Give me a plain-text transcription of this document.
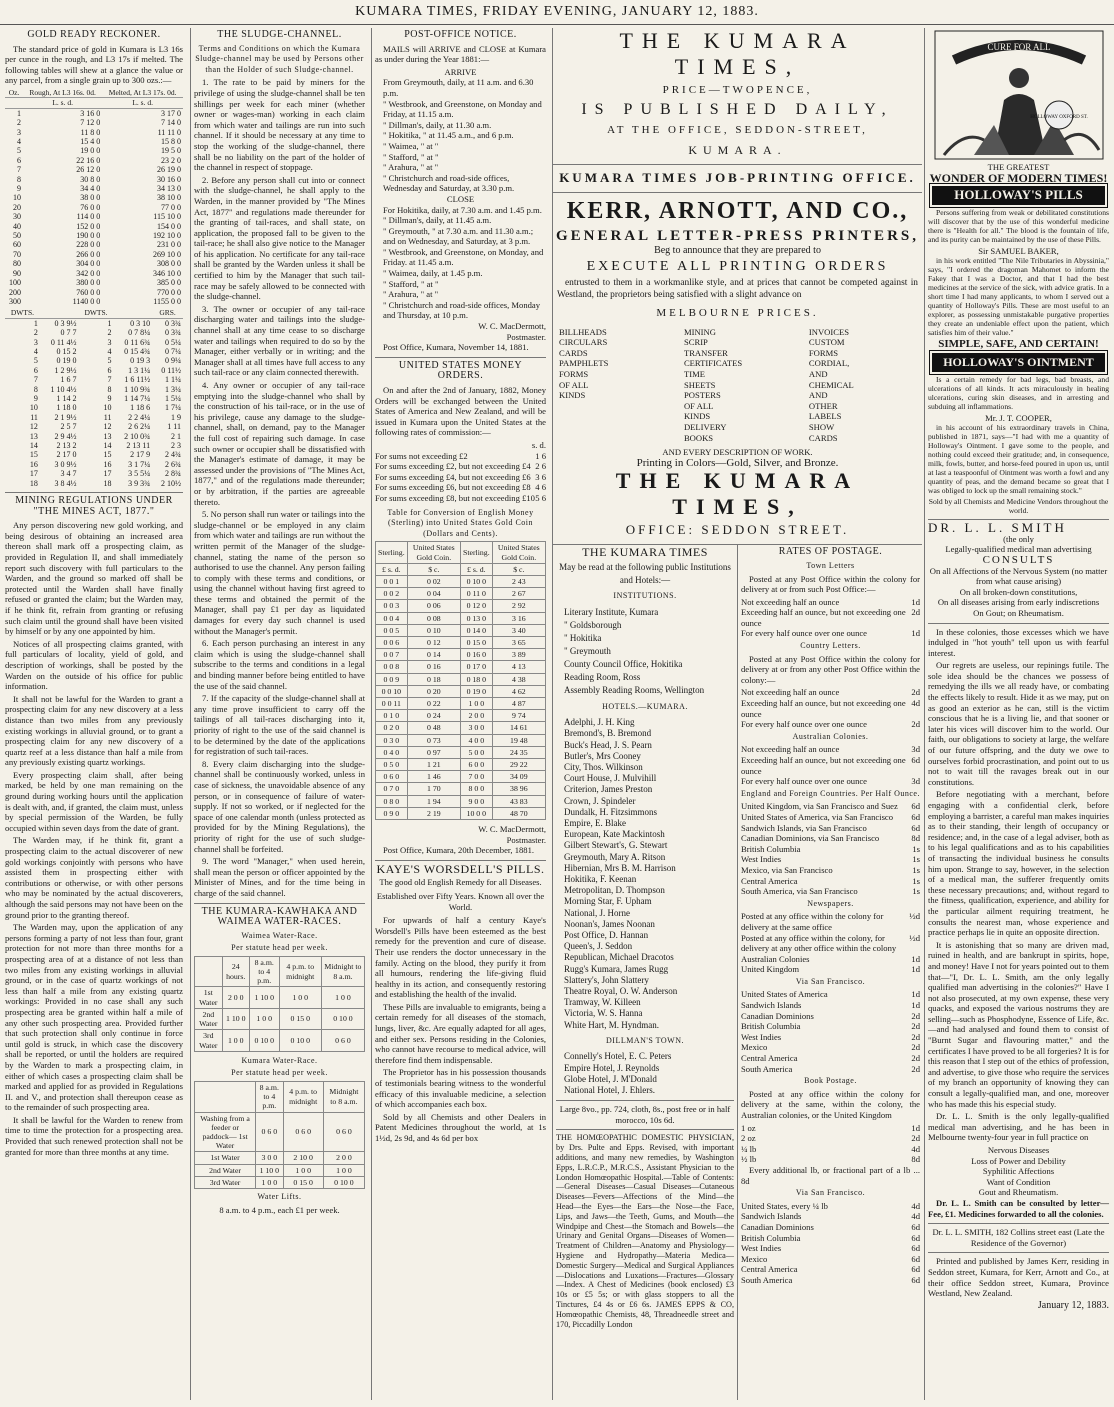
KUMARA TIMES, FRIDAY EVENING, JANUARY 12, 1883.
GOLD READY RECKONER.

The standard price of gold in Kumara is L3 16s per cunce in the rough, and L3 17s if melted. The following tables will shew at a glance the value or any parcel, from a single grain up to 300 ozs.:—

Oz.	Rough, At L3 16s. 0d.	Melted, At L3 17s. 0d.
	L. s. d.	L. s. d.
1	3 16 0	3 17 0
2	7 12 0	7 14 0
3	11 8 0	11 11 0
4	15 4 0	15 8 0
5	19 0 0	19 5 0
6	22 16 0	23 2 0
7	26 12 0	26 19 0
8	30 8 0	30 16 0
9	34 4 0	34 13 0
10	38 0 0	38 10 0
20	76 0 0	77 0 0
30	114 0 0	115 10 0
40	152 0 0	154 0 0
50	190 0 0	192 10 0
60	228 0 0	231 0 0
70	266 0 0	269 10 0
80	304 0 0	308 0 0
90	342 0 0	346 10 0
100	380 0 0	385 0 0
200	760 0 0	770 0 0
300	1140 0 0	1155 0 0
DWTS.		DWTS.		GRS.
1	0 3 9½	1	0 3 10	0 3¾
2	0 7 7	2	0 7 8¼	0 3¾
3	0 11 4½	3	0 11 6¾	0 5¼
4	0 15 2	4	0 15 4¾	0 7¼
5	0 19 0	5	0 19 3	0 9¼
6	1 2 9½	6	1 3 1¼	0 11½
7	1 6 7	7	1 6 11½	1 1¼
8	1 10 4½	8	1 10 9¾	1 3¼
9	1 14 2	9	1 14 7¼	1 5¼
10	1 18 0	10	1 18 6	1 7¼
11	2 1 9½	11	2 2 4¼	1 9
12	2 5 7	12	2 6 2¼	1 11
13	2 9 4½	13	2 10 0¾	2 1
14	2 13 2	14	2 13 11	2 3
15	2 17 0	15	2 17 9	2 4¾
16	3 0 9½	16	3 1 7¼	2 6¾
17	3 4 7	17	3 5 5¼	2 8¾
18	3 8 4½	18	3 9 3¾	2 10½
MINING REGULATIONS UNDER "THE MINES ACT, 1877."

Any person discovering new gold working, and being desirous of obtaining an increased area thereon shall mark off a prospecting claim, as provided in Regulation II, and shall immediately report such discovery with full particulars to the Warden, and the ground so marked off shall be protected until the Warden shall have finally refused or granted the claim; but the Warden may, if he think fit, refrain from granting or refusing such claim until the ground shall have been visited by himself or by any one appointed by him.

Notices of all prospecting claims granted, with full particulars of locality, yield of gold, and description of workings, shall be posted by the Warden on the outside of his office for public information.

It shall not be lawful for the Warden to grant a prospecting claim for any new discovery at a less distance than two miles from any previously existing workings in alluvial ground, or to grant a prospecting claim for any new discovery of a quartz reef at a less distance than half a mile from any previously existing quartz workings.

Every prospecting claim shall, after being marked, be held by one man remaining on the ground during working hours until the application is dealt with, and, if granted, the claim must, unless by special permission of the Warden, be fully occupied within seven days from the date of grant.

The Warden may, if he think fit, grant a prospecting claim to the actual discoverer of new gold workings conjointly with persons who have assisted them in prospecting either with contributions or otherwise, or with other persons who may be nominated by the actual discoverers, although the said persons may not have been on the ground prior to the granting thereof.

The Warden may, upon the application of any persons forming a party of not less than four, grant protection for not more than three months for a prospecting area of at a distance of not less than two miles from any existing workings in alluvial ground, or in the case of quartz workings of not less than half a mile from any existing quartz workings: Provided in no case shall any such prospecting area be granted within half a mile of any other such prospecting area. Provided further that such protection shall only continue in force until gold is struck, in which case the discovery shall be reported, or until the holders are required by the Warden to mark a prospecting claim, in either of which cases a prospecting claim shall be marked and applied for as provided in Regulations II. and V., and protection shall thereupon cease as to the remainder of such prospecting area.

It shall be lawful for the Warden to renew from time to time the protection for a prospecting area. Provided that such renewed protection shall not be granted for more than three months at any time.

THE SLUDGE-CHANNEL.
Terms and Conditions on which the Kumara Sludge-channel may be used by Persons other than the Holder of such Sludge-channel.

1. The rate to be paid by miners for the privilege of using the sludge-channel shall be ten shillings per week for each miner (whether owner or wages-man) working in each claim from which water and tailings are run into such channel. If it should be necessary at any time to stop the working of the sludge-channel, there shall be no liability on the part of the holder of the channel in respect of stoppage.

2. Before any person shall cut into or connect with the sludge-channel, he shall apply to the Warden, in the manner provided by "The Mines Act, 1877" and regulations made thereunder for the granting of tail-races, and shall state, on application, the proposed fall to be given to the tail-race; he shall also give notice to the Manager of his application. No certificate for any tail-race shall be granted by the Warden unless it shall be certified to him by the Manager that such tail-race may be safely allowed to be connected with the sludge-channel.

3. The owner or occupier of any tail-race discharging water and tailings into the sludge-channel shall at any time cease to so discharge water and tailings when required to do so by the Manager, either verbally or in writing; and the Manager shall at all times have full access to any such tail-race or any claim connected therewith.

4. Any owner or occupier of any tail-race emptying into the sludge-channel who shall by the construction of his tail-race, or in the use of his privilege, cause any damage to the sludge-channel, shall, on demand, pay to the Manager the full cost of repairing such damage. In case such owner or occupier shall be dissatisfied with the Manager's estimate of damage, it may be assessed under the provisions of "The Mines Act, 1877," and of the regulations made thereunder; or by arbitration, if the parties are agreeable thereto.

5. No person shall run water or tailings into the sludge-channel or be employed in any claim from which water and tailings are run without the written permit of the Manager of the sludge-channel, stating the name of the person so authorised to use the channel. Any person failing to comply with these terms and conditions, or using the channel without having first agreed to these terms and obtained the permit of the Manager, shall pay £1 per day as liquidated damages for every day such channel is used without the Manager's permit.

6. Each person purchasing an interest in any claim which is using the sludge-channel shall subscribe to the terms and conditions in a legal and binding manner before being entitled to have the use of the said channel.

7. If the capacity of the sludge-channel shall at any time prove insufficient to carry off the tailings of all tail-races discharging into it, priority of right to the use of the said channel is to be determined by the date of the applications for registration of such tail-races.

8. Every claim discharging into the sludge-channel shall be continuously worked, unless in case of sickness, the unavoidable absence of any person, or in consequence of failure of water-supply. If not so worked, or if neglected for the space of one calendar month (unless protected as provided for by the Mining Regulations), the priority of right for the use of such sludge-channel shall be forfeited.

9. The word "Manager," when used herein, shall mean the person or officer appointed by the Minister of Mines, and for the time being in charge of the said channel.

THE KUMARA-KAWHAKA AND WAIMEA WATER-RACES.
Waimea Water-Race.
Per statute head per week.
	24 hours.	8 a.m. to 4 p.m.	4 p.m. to midnight	Midnight to 8 a.m.
1st Water	2 0 0	1 10 0	1 0 0	1 0 0
2nd Water	1 10 0	1 0 0	0 15 0	0 10 0
3rd Water	1 0 0	0 10 0	0 10 0	0 6 0
Kumara Water-Race.
Per statute head per week.
	8 a.m. to 4 p.m.	4 p.m. to midnight	Midnight to 8 a.m.
Washing from a feeder or paddock— 1st Water	0 6 0	0 6 0	0 6 0
1st Water	3 0 0	2 10 0	2 0 0
2nd Water	1 10 0	1 0 0	1 0 0
3rd Water	1 0 0	0 15 0	0 10 0
Water Lifts.
8 a.m. to 4 p.m., each £1 per week.
POST-OFFICE NOTICE.

MAILS will ARRIVE and CLOSE at Kumara as under during the Year 1881:—

ARRIVE
From Greymouth, daily, at 11 a.m. and 6.30 p.m.
" Westbrook, and Greenstone, on Monday and Friday, at 11.15 a.m.
" Dillman's, daily, at 11.30 a.m.
" Hokitika, " at 11.45 a.m., and 6 p.m.
" Waimea, " at "
" Stafford, " at "
" Arahura, " at "
" Christchurch and road-side offices, Wednesday and Saturday, at 3.30 p.m.
CLOSE
For Hokitika, daily, at 7.30 a.m. and 1.45 p.m.
" Dillman's, daily, at 11.45 a.m.
" Greymouth, " at 7.30 a.m. and 11.30 a.m.; and on Wednesday, and Saturday, at 3 p.m.
" Westbrook, and Greenstone, on Monday, and Friday. at 11.45 a.m.
" Waimea, daily, at 1.45 p.m.
" Stafford, " at "
" Arahura, " at "
" Christchurch and road-side offices, Monday and Thursday, at 10 p.m.
W. C. MacDermott,
Postmaster.
Post Office, Kumara, November 14, 1881.
UNITED STATES MONEY ORDERS.

On and after the 2nd of January, 1882, Money Orders will be exchanged between the United States of America and New Zealand, and will be issued in Kumara upon the United States at the following rates of commission:—

s. d.
For sums not exceeding £2	1 6
For sums exceeding £2, but not exceeding £4 2 6
For sums exceeding £4, but not exceeding £6 3 6
For sums exceeding £6, but not exceeding £8 4 6
For sums exceeding £8, but not exceeding £10 5 6
Table for Conversion of English Money (Sterling) into United States Gold Coin (Dollars and Cents).
Sterling.	United States Gold Coin.	Sterling.	United States Gold Coin.
£ s. d.	$ c.	£ s. d.	$ c.
0 0 1	0 02	0 10 0	2 43
0 0 2	0 04	0 11 0	2 67
0 0 3	0 06	0 12 0	2 92
0 0 4	0 08	0 13 0	3 16
0 0 5	0 10	0 14 0	3 40
0 0 6	0 12	0 15 0	3 65
0 0 7	0 14	0 16 0	3 89
0 0 8	0 16	0 17 0	4 13
0 0 9	0 18	0 18 0	4 38
0 0 10	0 20	0 19 0	4 62
0 0 11	0 22	1 0 0	4 87
0 1 0	0 24	2 0 0	9 74
0 2 0	0 48	3 0 0	14 61
0 3 0	0 73	4 0 0	19 48
0 4 0	0 97	5 0 0	24 35
0 5 0	1 21	6 0 0	29 22
0 6 0	1 46	7 0 0	34 09
0 7 0	1 70	8 0 0	38 96
0 8 0	1 94	9 0 0	43 83
0 9 0	2 19	10 0 0	48 70
W. C. MacDermott,
Postmaster.
Post Office, Kumara, 20th December, 1881.
KAYE'S WORSDELL'S PILLS.
The good old English Remedy for all Diseases.
Established over Fifty Years. Known all over the World.

For upwards of half a century Kaye's Worsdell's Pills have been esteemed as the best remedy for the prevention and cure of disease. Their use renders the doctor unnecessary in the family. Acting on the blood, they purify it from all humours, rendering the life-giving fluid healthy in its action, and consequently restoring and establishing the health of the invalid.

These Pills are invaluable to emigrants, being a certain remedy for all diseases of the stomach, lungs, liver, &c. Are equally adapted for all ages, and either sex. Persons residing in the Colonies, who cannot have recourse to medical advice, will therefore find them indispensable.

The Proprietor has in his possession thousands of testimonials bearing witness to the wonderful efficacy of this invaluable medicine, a selection of which accompanies each box.

Sold by all Chemists and other Dealers in Patent Medicines throughout the world, at 1s 1½d, 2s 9d, and 4s 6d per box

THE KUMARA TIMES,
PRICE—TWOPENCE,
IS PUBLISHED DAILY,
AT THE OFFICE, SEDDON-STREET,
KUMARA.
KUMARA TIMES JOB-PRINTING OFFICE.
KERR, ARNOTT, AND CO.,
GENERAL LETTER-PRESS PRINTERS,
Beg to announce that they are prepared to
EXECUTE ALL PRINTING ORDERS

entrusted to them in a workmanlike style, and at prices that cannot be competed against in Westland, the proprietors being satisfied with a slight advance on

MELBOURNE PRICES.
BILLHEADS
CIRCULARS
CARDS
PAMPHLETS
FORMS OF ALL KINDS
MINING SCRIP
TRANSFER CERTIFICATES
TIME SHEETS
POSTERS OF ALL KINDS
DELIVERY BOOKS
INVOICES
CUSTOM FORMS
CORDIAL, AND CHEMICAL
AND OTHER LABELS
SHOW CARDS
AND EVERY DESCRIPTION OF WORK.
Printing in Colors—Gold, Silver, and Bronze.
THE KUMARA TIMES,
OFFICE: SEDDON STREET.
THE KUMARA TIMES
May be read at the following public Institutions and Hotels:—
INSTITUTIONS.
Literary Institute, Kumara
" Goldsborough
" Hokitika
" Greymouth
County Council Office, Hokitika
Reading Room, Ross
Assembly Reading Rooms, Wellington
HOTELS.—KUMARA.
Adelphi, J. H. King
Bremond's, B. Bremond
Buck's Head, J. S. Pearn
Butler's, Mrs Cooney
City, Thos. Wilkinson
Court House, J. Mulvihill
Criterion, James Preston
Crown, J. Spindeler
Dundalk, H. Fitzsimmons
Empire, E. Blake
European, Kate Mackintosh
Gilbert Stewart's, G. Stewart
Greymouth, Mary A. Ritson
Hibernian, Mrs B. M. Harrison
Hokitika, F. Keenan
Metropolitan, D. Thompson
Morning Star, F. Upham
National, J. Horne
Noonan's, James Noonan
Post Office, D. Hannan
Queen's, J. Seddon
Republican, Michael Dracotos
Rugg's Kumara, James Rugg
Slattery's, John Slattery
Theatre Royal, O. W. Anderson
Tramway, W. Killeen
Victoria, W. S. Hanna
White Hart, M. Hyndman.
DILLMAN'S TOWN.
Connelly's Hotel, E. C. Peters
Empire Hotel, J. Reynolds
Globe Hotel, J. M'Donald
National Hotel, J. Ehlers.
Large 8vo., pp. 724, cloth, 8s., post free or in half morocco, 10s 6d.

THE HOMŒOPATHIC DOMESTIC PHYSICIAN, by Drs. Pulte and Epps. Revised, with important additions, and many new remedies, by Washington Epps, L.R.C.P., M.R.C.S., Assistant Physician to the London Homœopathic Hospital.—Table of Contents:—General Diseases—Casual Diseases—Cutaneous Diseases—Fevers—Affections of the Mind—the Head—the Eyes—the Ears—the Nose—the Face, Lips, and Jaws—the Teeth, Gums, and Mouth—the Windpipe and Chest—the Stomach and Bowels—the Urinary and Genital Organs—Diseases of Women—Treatment of Children—Anatomy and Physiology—Hygiene and Hydropathy—Materia Medica—Domestic Surgery—Medical and Surgical Appliances—Dislocations and Luxations—Fractures—Glossary—Index. A Chest of Medicines (book enclosed) £3 10s or £5 5s; or with glass stoppers to all the Tinctures, £4 4s or £6 6s. JAMES EPPS & CO, Homœopathic Chemists, 48, Threadneedle street and 170, Piccadilly London

RATES OF POSTAGE.
Town Letters

Posted at any Post Office within the colony for delivery at or from such Post Office:—

Not exceeding half an ounce	1d
Exceeding half an ounce, but not exceeding one ounce
2d
For every half ounce over one ounce	1d
Country Letters.

Posted at any Post Office within the colony for delivery at or from any other Post Office within the colony:—

Not exceeding half an ounce	2d
Exceeding half an ounce, but not exceeding one ounce
4d
For every half ounce over one ounce	2d
Australian Colonies.
Not exceeding half an ounce	3d
Exceeding half an ounce, but not exceeding one ounce
6d
For every half ounce over one ounce	3d
England and Foreign Countries. Per Half Ounce.
United Kingdom, via San Francisco and Suez 6d
United States of America, via San Francisco 6d
Sandwich Islands, via San Francisco	6d
Canadian Dominions, via San Francisco	8d
British Columbia	1s
West Indies	1s
Mexico, via San Francisco	1s
Central America	1s
South America, via San Francisco	1s
Newspapers.
Posted at any office within the colony for delivery at the same office
½d
Posted at any office within the colony, for delivery at any other office within the colony
½d
Australian Colonies	1d
United Kingdom	1d
Via San Francisco.
United States of America	1d
Sandwich Islands	1d
Canadian Dominions	2d
British Columbia	2d
West Indies	2d
Mexico	2d
Central America	2d
South America	2d
Book Postage.

Posted at any office within the colony for delivery at the same, within the colony, the Australian colonies, or the United Kingdom

1 oz	1d
2 oz	2d
¼ lb	4d
½ lb	8d

Every additional lb, or fractional part of a lb ... 8d

Via San Francisco.
United States, every ¼ lb	4d
Sandwich Islands	4d
Canadian Dominions	6d
British Columbia	6d
West Indies	6d
Mexico	6d
Central America	6d
South America	6d
CURE FOR ALL
HOLLOWAY OXFORD ST.
THE GREATEST
WONDER OF MODERN TIMES!
HOLLOWAY'S PILLS

Persons suffering from weak or debilitated constitutions will discover that by the use of this wonderful medicine there is "Health for all." The blood is the fountain of life, and its purity can be maintained by the use of these Pills.

Sir SAMUEL BAKER,

in his work entitled "The Nile Tributaries in Abyssinia," says, "I ordered the dragoman Mahomet to inform the Fakey that I was a Doctor, and that I had the best medicines at the service of the sick, with advice gratis. In a short time I had many applicants, to whom I served out a quantity of Holloway's Pills. These are most useful to an explorer, as possessing unmistakable purgative properties they create an undeniable effect upon the patient, which satisfies him of their value."

SIMPLE, SAFE, AND CERTAIN!
HOLLOWAY'S OINTMENT

Is a certain remedy for bad legs, bad breasts, and ulcerations of all kinds. It acts miraculously in healing ulcerations, curing skin diseases, and in arresting and subduing all inflammations.

Mr. J. T. COOPER,

in his account of his extraordinary travels in China, published in 1871, says—"I had with me a quantity of Holloway's Ointment. I gave some to the people, and nothing could exceed their gratitude; and, in consequence, milk, fowls, butter, and horse-feed poured in upon us, until at last a teaspoonful of Ointment was worth a fowl and any quantity of peas, and the demand became so great that I was obliged to lock up the small remaining stock."

Sold by all Chemists and Medicine Vendors throughout the world.
DR. L. L. SMITH
(the only
Legally-qualified medical man advertising
CONSULTS
On all Affections of the Nervous System (no matter from what cause arising)
On all broken-down constitutions,
On all diseases arising from early indiscretions
On Gout; on Rheumatism.

In these colonies, those excesses which we have indulged in "hot youth" tell upon us with fearful interest.

Our regrets are useless, our repinings futile. The sole idea should be the chances we possess of remedying the ills we all ready have, or combating the effects likely to result. Hide it as we may, put on as good an exterior as he can, still is the victim conscious that he is a living lie, and that sooner or later his vices will discover him to the world. Our faith, our obligations to society at large, the welfare of our future offspring, and the duty we owe to ourselves forbid procrastination, and point out to us not to wait till the ravages break out in our constitutions.

Before negotiating with a merchant, before engaging with a confidential clerk, before employing a barrister, a careful man makes inquiries as to their standing, their length of occupancy or residence; and, in the case of a legal adviser, both as to his legal qualifications and as to his capabilities of transacting the individual business he consults him upon. Strange to say, however, in the selection of a medical man, the sufferer frequently omits these necessary precautions; and, without regard to the fitness, qualification, experience, and ability for the particular ailment requiring treatment, he consults the nearest man, whose experience and practice perhaps lie in quite an opposite direction.

It is astonishing that so many are driven mad, ruined in health, and are bankrupt in spirits, hope, and money! Have I not for years pointed out to them that—"I, Dr. L. L. Smith, am the only legally qualified man advertising in the colonies?" Have I not also prosecuted, at my own expense, these very quacks, and exposed the various nostrums they are selling—such as Phosphodyne, Essence of Life, &c.—and had analysed and found them to consist of "Burnt Sugar and flavouring matter," and the certificates I have proved to be all forgeries? It is for this reason that I step out of the ethics of profession, and advertise, to give those who require the services of my branch an opportunity of knowing they can consult a legally-qualified man, and one, moreover who has made this his especial study.

Dr. L. L. Smith is the only legally-qualified medical man advertising, and he has been in Melbourne twenty-four year in full practice on

Nervous Diseases
Loss of Power and Debility
Syphilitic Affections
Want of Condition
Gout and Rheumatism.

Dr. L. L. Smith can be consulted by letter—Fee, £1. Medicines forwarded to all the colonies.

Dr. L. L. SMITH, 182 Collins street east (Late the Residence of the Governor)

Printed and published by James Kerr, residing in Seddon street, Kumara, for Kerr, Arnott and Co., at their office Seddon street, Kumara, Province Westland, New Zealand.

January 12, 1883.
